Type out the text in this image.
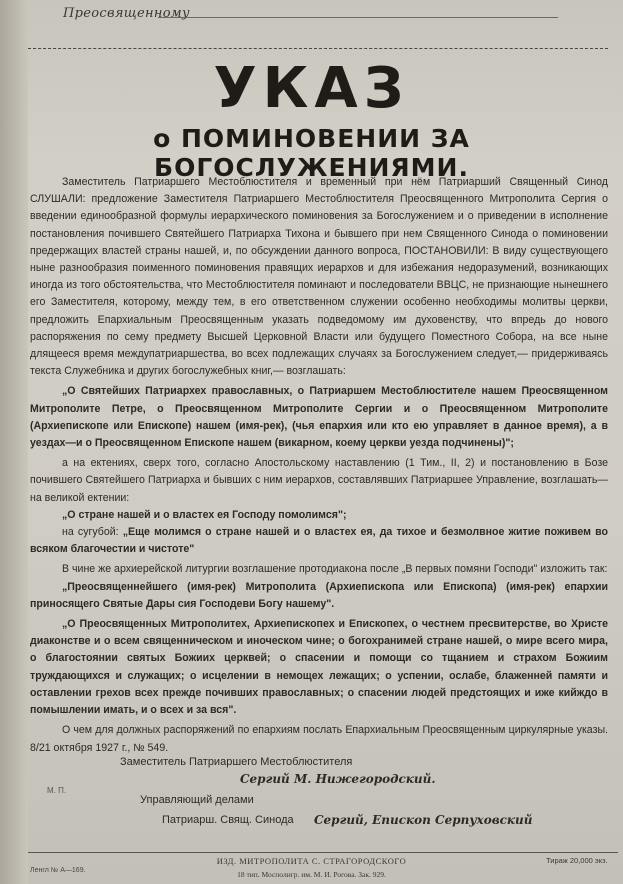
Преосвященному
УКАЗ
о ПОМИНОВЕНИИ ЗА БОГОСЛУЖЕНИЯМИ.

Заместитель Патриаршего Местоблюстителя и временный при нём Патриарший Священный Синод СЛУШАЛИ: предложение Заместителя Патриаршего Местоблюстителя Преосвященного Митрополита Сергия о введении единообразной формулы иерархического поминовения за Богослужением и о приведении в исполнение постановления почившего Святейшего Патриарха Тихона и бывшего при нем Священного Синода о поминовении предержащих властей страны нашей, и, по обсуждении данного вопроса, ПОСТАНОВИЛИ: В виду существующего ныне разнообразия поименного поминовения правящих иерархов и для избежания недоразумений, возникающих иногда из того обстоятельства, что Местоблюстителя поминают и последователи ВВЦС, не признающие нынешнего его Заместителя, которому, между тем, в его ответственном служении особенно необходимы молитвы церкви, предложить Епархиальным Преосвященным указать подведомому им духовенству, что впредь до нового распоряжения по сему предмету Высшей Церковной Власти или будущего Поместного Собора, на все ныне длящееся время междупатриаршества, во всех подлежащих случаях за Богослужением следует,— придерживаясь текста Служебника и других богослужебных книг,— возглашать:

„О Святейших Патриархех православных, о Патриаршем Местоблюстителе нашем Преосвященном Митрополите Петре, о Преосвященном Митрополите Сергии и о Преосвященном Митрополите (Архиепископе или Епископе) нашем (имя-рек), (чья епархия или кто ею управляет в данное время), а в уездах—и о Преосвященном Епископе нашем (викарном, коему церкви уезда подчинены)";

а на ектениях, сверх того, согласно Апостольскому наставлению (1 Тим., II, 2) и постановлению в Бозе почившего Святейшего Патриарха и бывших с ним иерархов, составлявших Патриаршее Управление, возглашать—на великой ектении:

„О стране нашей и о властех ея Господу помолимся";

на сугубой: „Еще молимся о стране нашей и о властех ея, да тихое и безмолвное житие поживем во всяком благочестии и чистоте"

В чине же архиерейской литургии возглашение протодиакона после „В первых помяни Господи" изложить так:

„Преосвященнейшего (имя-рек) Митрополита (Архиепископа или Епископа) (имя-рек) епархии приносящего Святые Дары сия Господеви Богу нашему".

„О Преосвященных Митрополитех, Архиепископех и Епископех, о честнем пресвитерстве, во Христе диаконстве и о всем священническом и иноческом чине; о богохранимей стране нашей, о мире всего мира, о благостоянии святых Божиих церквей; о спасении и помощи со тщанием и страхом Божиим труждающихся и служащих; о исцелении в немощех лежащих; о успении, ослабе, блаженней памяти и оставлении грехов всех прежде почивших православных; о спасении людей предстоящих и иже кийждо в помышлении имать, и о всех и за вся".

О чем для должных распоряжений по епархиям послать Епархиальным Преосвященным циркулярные указы. 8/21 октября 1927 г., № 549.

Заместитель Патриаршего Местоблюстителя
Сергий М. Нижегородский.
М. П.
Управляющий делами
Патриарш. Свящ. Синода Сергий, Епископ Серпуховский
Ленгл № А—169.
ИЗД. МИТРОПОЛИТА С. СТРАГОРОДСКОГО
18 тип. Мосполигр. им. М. И. Рогова. Зак. 929.
Тираж 20,000 экз.
